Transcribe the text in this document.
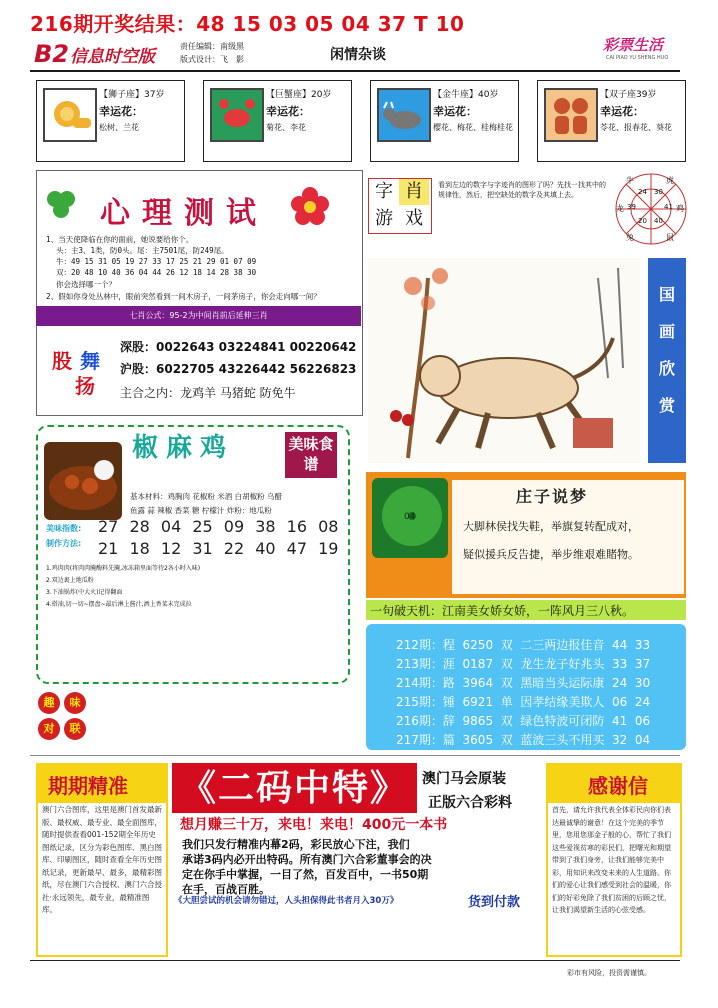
216期开奖结果：48 15 03 05 04 37 T 10
B2 信息时空版
责任编辑：南级黑
版式设计：飞　影	闲情杂谈
彩票生活
CAI PIAO YU SHENG HUO
【狮子座】37岁
幸运花：
松树、兰花
【巨蟹座】20岁
幸运花：
菊花、李花
【金牛座】40岁
幸运花：
樱花、梅花、桂梅桂花
【双子座39岁
幸运花：
苓花、报春花、葵花
心理测试
1、当天使降临在你的面前，她说要给你个。
头：主3、1类，防0头。尾：主7501尾，防249尾。
牛：49 15 31 05 19 27 33 17 25 21 29 01 07 09
双：20 48 10 40 36 04 44 26 12 18 14 28 38 30
你会选择哪一个？
2、假如你身处丛林中，眼前突然看到一间木房子，一间茅房子，你会走向哪一间？
七肖公式：95-2为中间肖前后延伸三肖
股 舞
扬
深股：0022643 03224841 00220642
沪股：6022705 43226442 56226823
主合之内：龙鸡羊 马猪蛇 防免牛
椒麻鸡	美味食谱
基本材料：鸡胸肉 花椒粉 米酒 白胡椒粉 乌醋
鱼露 蒜 辣椒 香菜 糖 柠檬汁 炸粉：地瓜粉
美味指数:
制作方法:
27 28 04 25 09 38 16 08
21 18 12 31 22 40 47 19
1.鸡肉肉(将肉肉腌酶料先腌,冰冻箱里面等待2各小时入味)
2.双边裹上地瓜粉
3.下油锅炸(中大火)记得翻面
4.搭油,切一切~摆盘~最后淋上酱汁,洒上香菜末完成拉
趣	味
对	联
字 肖
游 戏
看到左边的数字与字迹肖的图形了吗？先找一找其中的规律性，然后，把空缺处的数字及其填上去。
牛	虎
24 30
龙 39	41 鸡
20 40
兔	鼠
国
画
欣
赏
04
庄子说梦
大脚林侯找失鞋，举旗复转配成对，
疑似援兵反告捷，举步维艰难賭物。
一句破天机：江南美女娇女娇，一阵风月三八秋。
212期：程  6250  双  二三两边报佳音  44  33
213期：涯  0187  双  龙生龙子好兆头  33  37
214期：路  3964  双  黑暗当头运际康  24  30
215期：锤  6921  单  因孝结缘美欺人  06  24
216期：辞  9865  双  绿色特波可闭防  41  06
217期：篇  3605  双  蓝波三头不用买  32  04
期期精准
澳门六合图库，这里是澳门首发最新版、最权威、最专业、最全面图库，随时提供查看001-152期全年历史图纸记录，区分为彩色图库、黑白图库、印刷图区，随时查看全年历史图纸记录，更新最早、最多，最精彩图纸，尽在澳门六合授权、澳门六合授社·永远领先，最专业，最精准图库。
《二码中特》 澳门马会原装
正版六合彩料
想月赚三十万，来电！来电！400元一本书
我们只发行精准内幕2码，彩民放心下注，我们
承诺3码内必开出特码。所有澳门六合彩董事会的决
定在你手中掌握，一目了然，百发百中，一书50期
在手，百战百胜。
《大胆尝试的机会请勿错过，人头担保得此书者月入30万》	货到付款
感谢信
首先，请允许我代表全体彩民向你们表达最诚挚的谢意！在这个完美的季节里，您用您那金子般的心，帮忙了我们这些爱视贫寒的彩民们，把曙光和期望带到了我们身旁，让我们能够完美中彩，用知识来改变未来的人生道路。你们的爱心让我们感受到社会的温暖，你们的好彩免除了我们贫困的后顾之忧，让我们渴望新生活的心弦受感。
彩市有风险，投资需谨慎。
